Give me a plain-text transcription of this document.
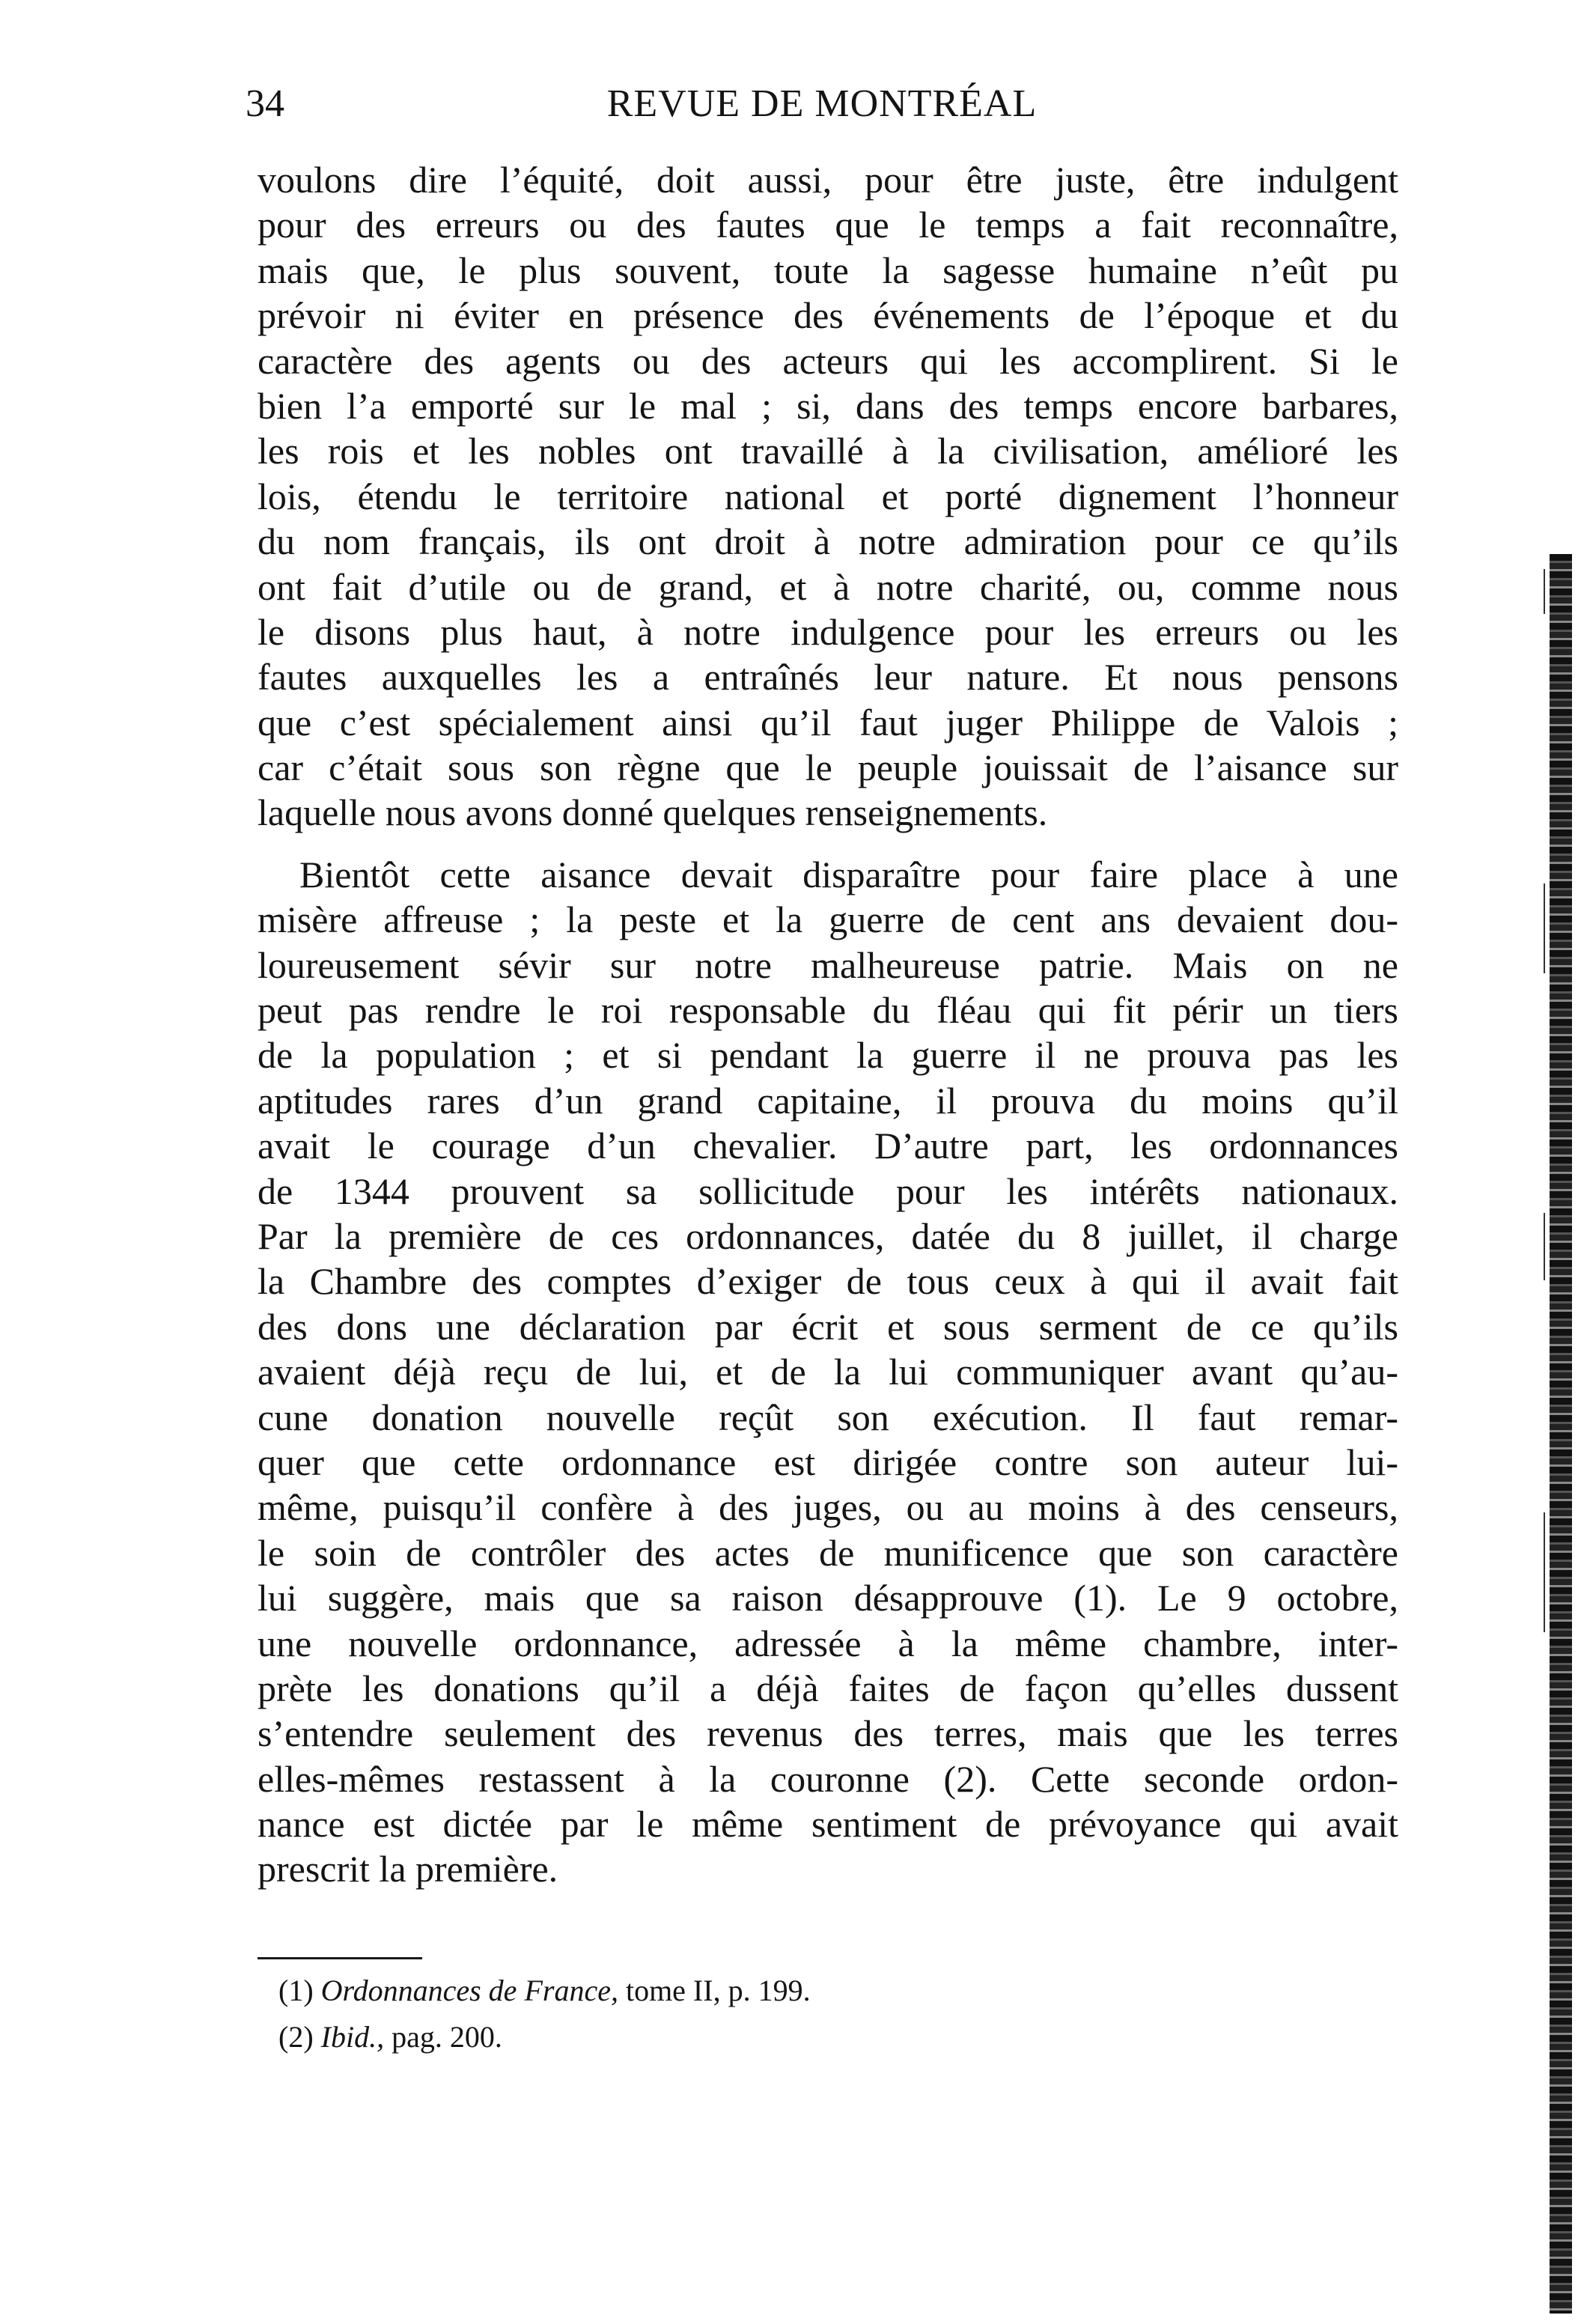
34	REVUE DE MONTRÉAL
voulons dire l’équité, doit aussi, pour être juste, être indulgent
pour des erreurs ou des fautes que le temps a fait reconnaître,
mais que, le plus souvent, toute la sagesse humaine n’eût pu
prévoir ni éviter en présence des événements de l’époque et du
caractère des agents ou des acteurs qui les accomplirent. Si le
bien l’a emporté sur le mal ; si, dans des temps encore barbares,
les rois et les nobles ont travaillé à la civilisation, amélioré les
lois, étendu le territoire national et porté dignement l’honneur
du nom français, ils ont droit à notre admiration pour ce qu’ils
ont fait d’utile ou de grand, et à notre charité, ou, comme nous
le disons plus haut, à notre indulgence pour les erreurs ou les
fautes auxquelles les a entraînés leur nature. Et nous pensons
que c’est spécialement ainsi qu’il faut juger Philippe de Valois ;
car c’était sous son règne que le peuple jouissait de l’aisance sur
laquelle nous avons donné quelques renseignements.
Bientôt cette aisance devait disparaître pour faire place à une
misère affreuse ; la peste et la guerre de cent ans devaient dou-
loureusement sévir sur notre malheureuse patrie. Mais on ne
peut pas rendre le roi responsable du fléau qui fit périr un tiers
de la population ; et si pendant la guerre il ne prouva pas les
aptitudes rares d’un grand capitaine, il prouva du moins qu’il
avait le courage d’un chevalier. D’autre part, les ordonnances
de 1344 prouvent sa sollicitude pour les intérêts nationaux.
Par la première de ces ordonnances, datée du 8 juillet, il charge
la Chambre des comptes d’exiger de tous ceux à qui il avait fait
des dons une déclaration par écrit et sous serment de ce qu’ils
avaient déjà reçu de lui, et de la lui communiquer avant qu’au-
cune donation nouvelle reçût son exécution. Il faut remar-
quer que cette ordonnance est dirigée contre son auteur lui-
même, puisqu’il confère à des juges, ou au moins à des censeurs,
le soin de contrôler des actes de munificence que son caractère
lui suggère, mais que sa raison désapprouve (1). Le 9 octobre,
une nouvelle ordonnance, adressée à la même chambre, inter-
prète les donations qu’il a déjà faites de façon qu’elles dussent
s’entendre seulement des revenus des terres, mais que les terres
elles-mêmes restassent à la couronne (2). Cette seconde ordon-
nance est dictée par le même sentiment de prévoyance qui avait
prescrit la première.
(1) Ordonnances de France, tome II, p. 199.
(2) Ibid., pag. 200.
